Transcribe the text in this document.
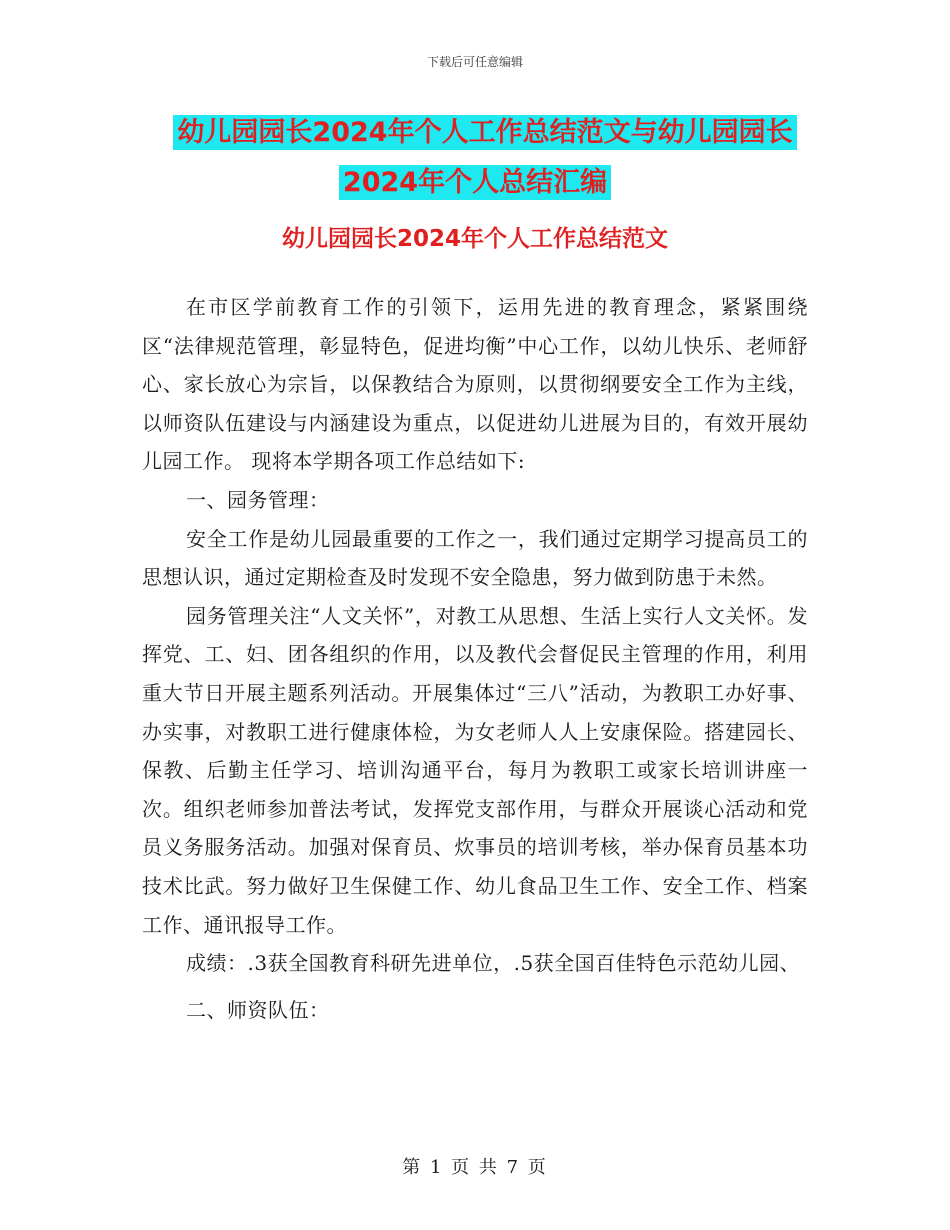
下载后可任意编辑
幼儿园园长2024年个人工作总结范文与幼儿园园长
2024年个人总结汇编
幼儿园园长2024年个人工作总结范文

在市区学前教育工作的引领下，运用先进的教育理念，紧紧围绕区“法律规范管理，彰显特色，促进均衡”中心工作，以幼儿快乐、老师舒心、家长放心为宗旨，以保教结合为原则，以贯彻纲要安全工作为主线，以师资队伍建设与内涵建设为重点，以促进幼儿进展为目的，有效开展幼儿园工作。 现将本学期各项工作总结如下:

一、园务管理：

安全工作是幼儿园最重要的工作之一，我们通过定期学习提高员工的思想认识，通过定期检查及时发现不安全隐患，努力做到防患于未然。

园务管理关注“人文关怀”，对教工从思想、生活上实行人文关怀。发挥党、工、妇、团各组织的作用，以及教代会督促民主管理的作用，利用重大节日开展主题系列活动。开展集体过“三八”活动，为教职工办好事、办实事，对教职工进行健康体检，为女老师人人上安康保险。搭建园长、保教、后勤主任学习、培训沟通平台，每月为教职工或家长培训讲座一次。组织老师参加普法考试，发挥党支部作用，与群众开展谈心活动和党员义务服务活动。加强对保育员、炊事员的培训考核，举办保育员基本功技术比武。努力做好卫生保健工作、幼儿食品卫生工作、安全工作、档案工作、通讯报导工作。

成绩：.3获全国教育科研先进单位，.5获全国百佳特色示范幼儿园、

二、师资队伍：

第 1 页 共 7 页
